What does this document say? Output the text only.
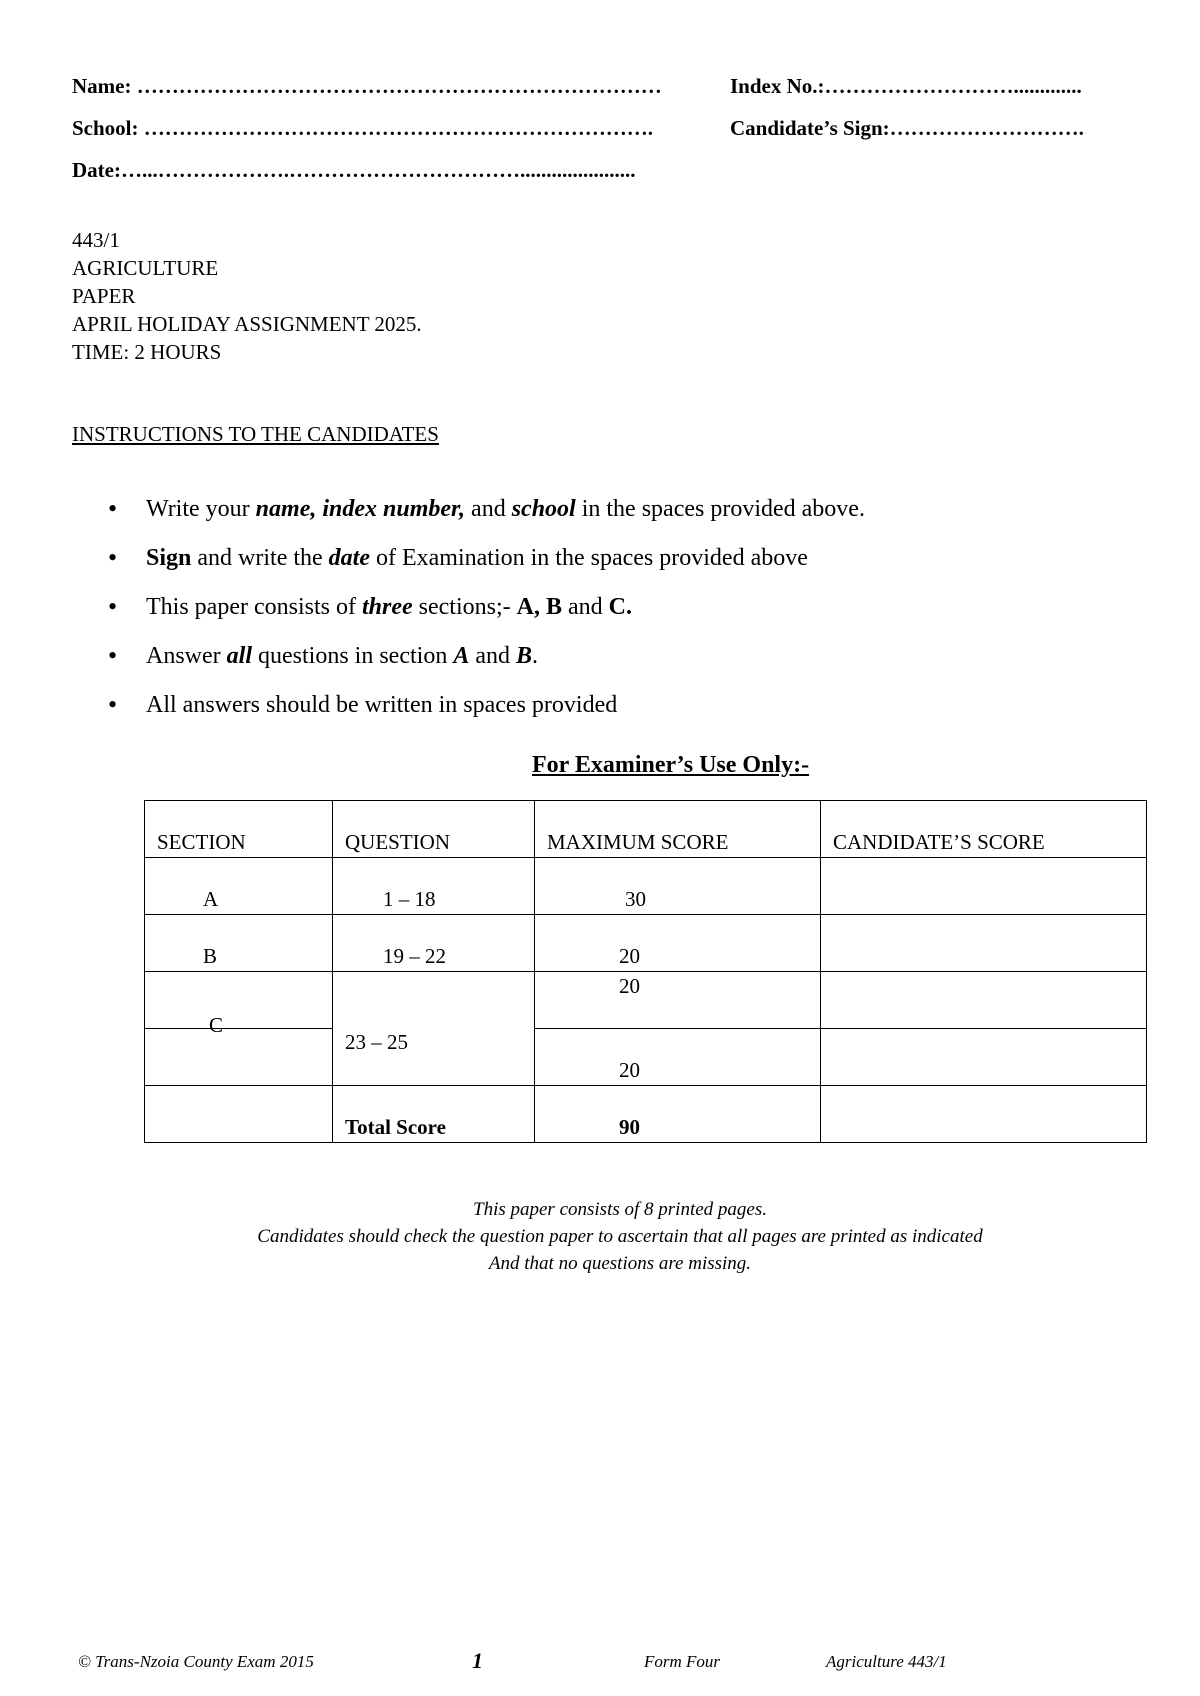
Name: …………………………………………………………………	Index No.:……………………….............
School: ……………………………………………………………….	Candidate’s Sign:……………………….
Date:…...……………….……………………………......................
443/1
AGRICULTURE
PAPER
APRIL HOLIDAY ASSIGNMENT 2025.
TIME: 2 HOURS
INSTRUCTIONS TO THE CANDIDATES
• Write your name, index number, and school in the spaces provided above.
• Sign and write the date of Examination in the spaces provided above
• This paper consists of three sections;- A, B and C.
• Answer all questions in section A and B.
• All answers should be written in spaces provided
For Examiner’s Use Only:-
SECTION	QUESTION	MAXIMUM SCORE	CANDIDATE’S SCORE

A	1 – 18	30	

B	19 – 22	20	

C	23 – 25	20	

		20	

	Total Score	90	

This paper consists of 8 printed pages.
Candidates should check the question paper to ascertain that all pages are printed as indicated
And that no questions are missing.
© Trans-Nzoia County Exam 2015	1	Form Four	Agriculture 443/1
